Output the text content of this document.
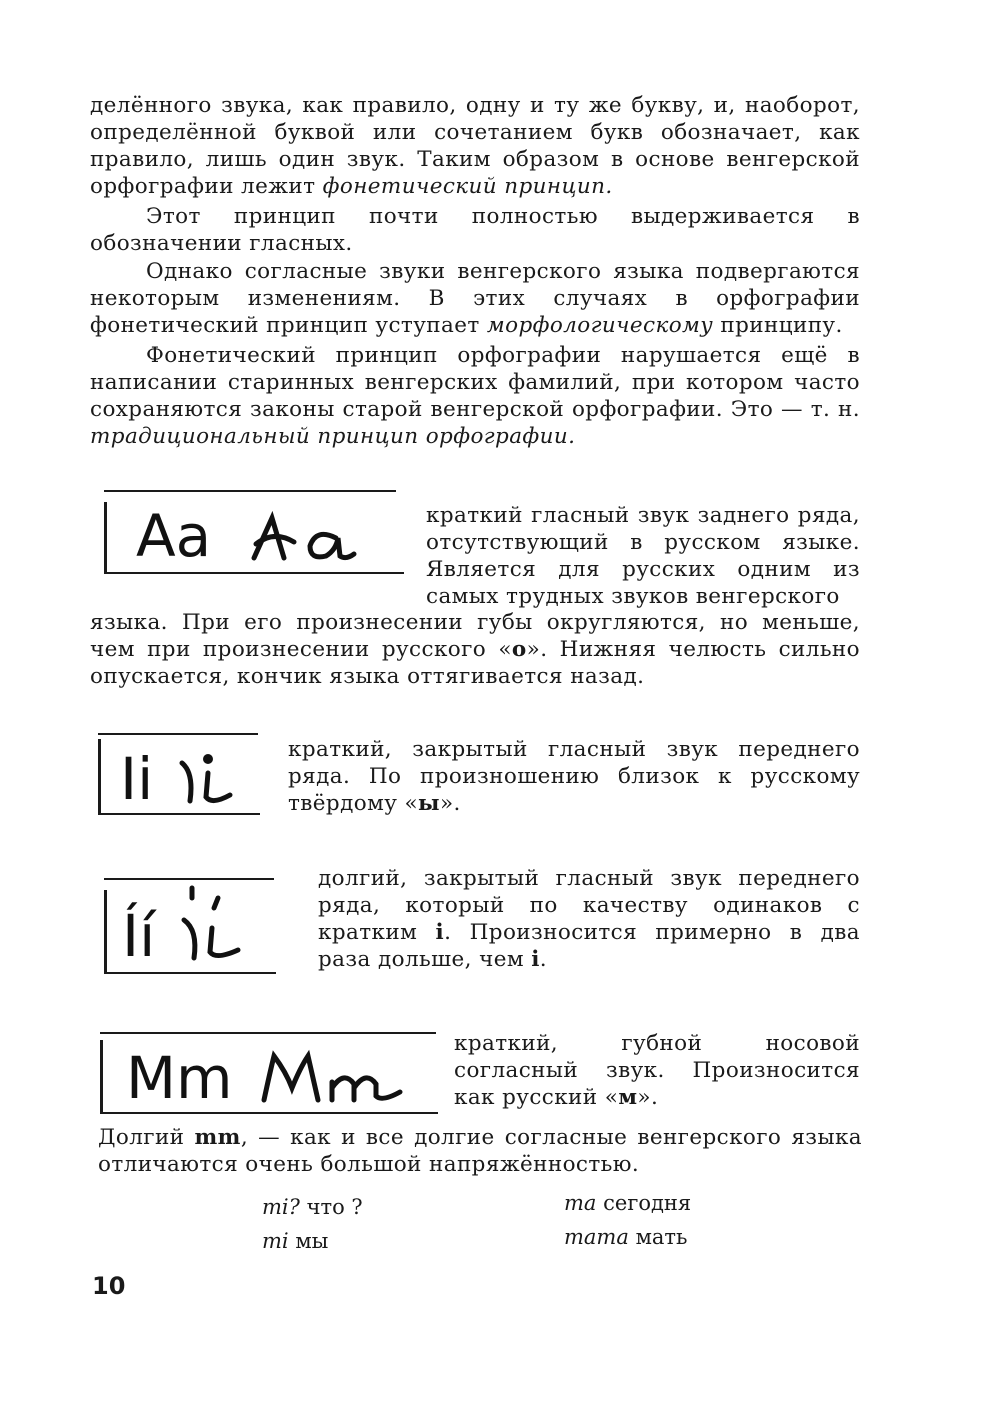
делённого звука, как правило, одну и ту же букву, и, наоборот, определённой буквой или сочетанием букв обозначает, как правило, лишь один звук. Таким образом в основе венгерской орфографии лежит фонетический принцип.

Этот принцип почти полностью выдерживается в обозначении гласных.

Однако согласные звуки венгерского языка подвергаются некоторым изменениям. В этих случаях в орфографии фонетический принцип уступает морфологическому принципу.

Фонетический принцип орфографии нарушается ещё в написании старинных венгерских фамилий, при котором часто сохраняются законы старой венгерской орфографии. Это — т. н. традициональный принцип орфографии.

Aa	краткий гласный звук заднего ряда, отсутствующий в русском языке. Является для русских одним из самых трудных звуков венгерского

языка. При его произнесении губы округляются, но меньше, чем при произнесении русского «o». Нижняя челюсть сильно опускается, кончик языка оттягивается назад.

Ii	краткий, закрытый гласный звук переднего ряда. По произношению близок к русскому твёрдому «ы».

Íí

долгий, закрытый гласный звук переднего ряда, который по качеству одинаков с кратким i. Произносится примерно в два раза дольше, чем i.

Mm

краткий, губной носовой согласный звук. Произносится как русский «м».

Долгий mm, — как и все долгие согласные венгерского языка отличаются очень большой напряжённостью.

mi? что ?	ma сегодня
mi мы	mama мать
10
